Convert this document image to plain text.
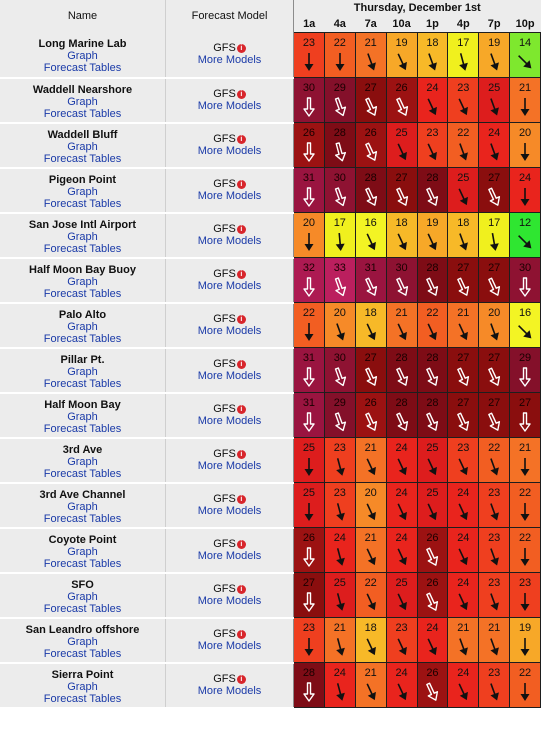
Name	Forecast Model	Thursday, December 1st							
		1a	4a	7a	10a	1p	4p	7p	10p
Long Marine Lab
Graph
Forecast Tables	GFS i
More Models	23	22	21	19	18	17	19	14

Waddell Nearshore
Graph
Forecast Tables	GFS i
More Models	30	29	27	26	24	23	25	21

Waddell Bluff
Graph
Forecast Tables	GFS i
More Models	26	28	26	25	23	22	24	20

Pigeon Point
Graph
Forecast Tables	GFS i
More Models	31	30	28	27	28	25	27	24

San Jose Intl Airport
Graph
Forecast Tables	GFS i
More Models	20	17	16	18	19	18	17	12

Half Moon Bay Buoy
Graph
Forecast Tables	GFS i
More Models	32	33	31	30	28	27	27	30

Palo Alto
Graph
Forecast Tables	GFS i
More Models	22	20	18	21	22	21	20	16

Pillar Pt.
Graph
Forecast Tables	GFS i
More Models	31	30	27	28	28	27	27	29

Half Moon Bay
Graph
Forecast Tables	GFS i
More Models	31	29	26	28	28	27	27	27

3rd Ave
Graph
Forecast Tables	GFS i
More Models	25	23	21	24	25	23	22	21

3rd Ave Channel
Graph
Forecast Tables	GFS i
More Models	25	23	20	24	25	24	23	22

Coyote Point
Graph
Forecast Tables	GFS i
More Models	26	24	21	24	26	24	23	22

SFO
Graph
Forecast Tables	GFS i
More Models	27	25	22	25	26	24	23	23

San Leandro offshore
Graph
Forecast Tables	GFS i
More Models	23	21	18	23	24	21	21	19

Sierra Point
Graph
Forecast Tables	GFS i
More Models	28	24	21	24	26	24	23	22
